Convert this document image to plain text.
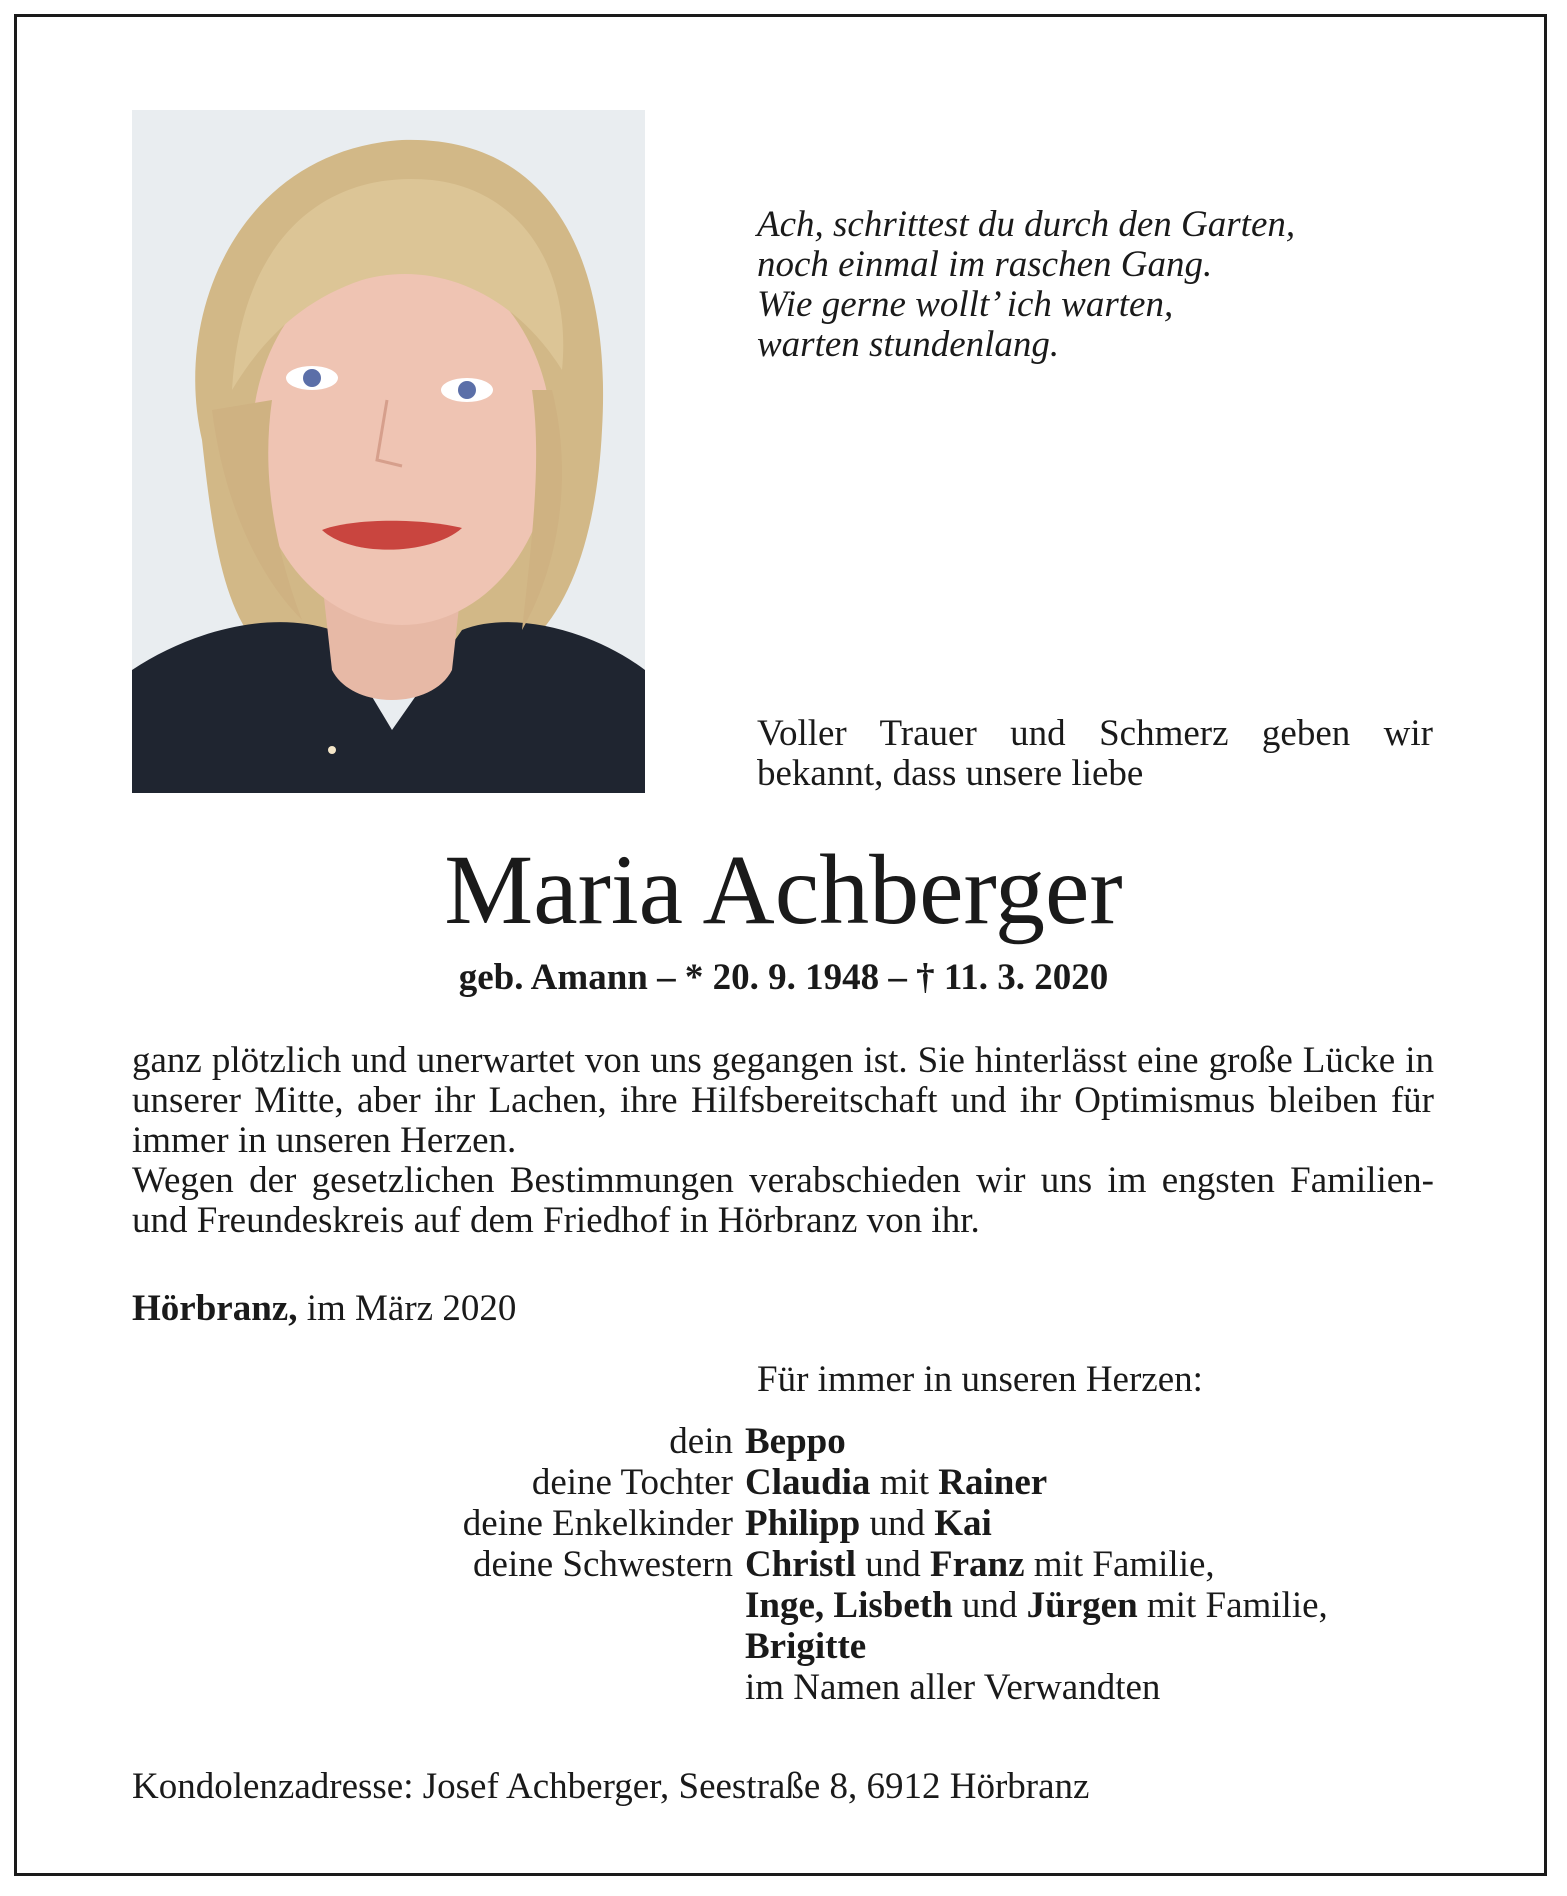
Ach, schrittest du durch den Garten,
noch einmal im raschen Gang.
Wie gerne wollt’ ich warten,
warten stundenlang.

Voller Trauer und Schmerz geben wir bekannt, dass unsere liebe

Maria Achberger

geb. Amann – * 20. 9. 1948 – † 11. 3. 2020

ganz plötzlich und unerwartet von uns gegangen ist. Sie hinterlässt eine große Lücke in unserer Mitte, aber ihr Lachen, ihre Hilfsbereitschaft und ihr Optimismus bleiben für immer in unseren Herzen.

Wegen der gesetzlichen Bestimmungen verabschieden wir uns im engsten Familien- und Freundeskreis auf dem Friedhof in Hörbranz von ihr.

Hörbranz, im März 2020

Für immer in unseren Herzen:

dein Beppo
deine Tochter Claudia mit Rainer
deine Enkelkinder Philipp und Kai
deine Schwestern Christl und Franz mit Familie,
Inge, Lisbeth und Jürgen mit Familie,
Brigitte
im Namen aller Verwandten

Kondolenzadresse: Josef Achberger, Seestraße 8, 6912 Hörbranz
